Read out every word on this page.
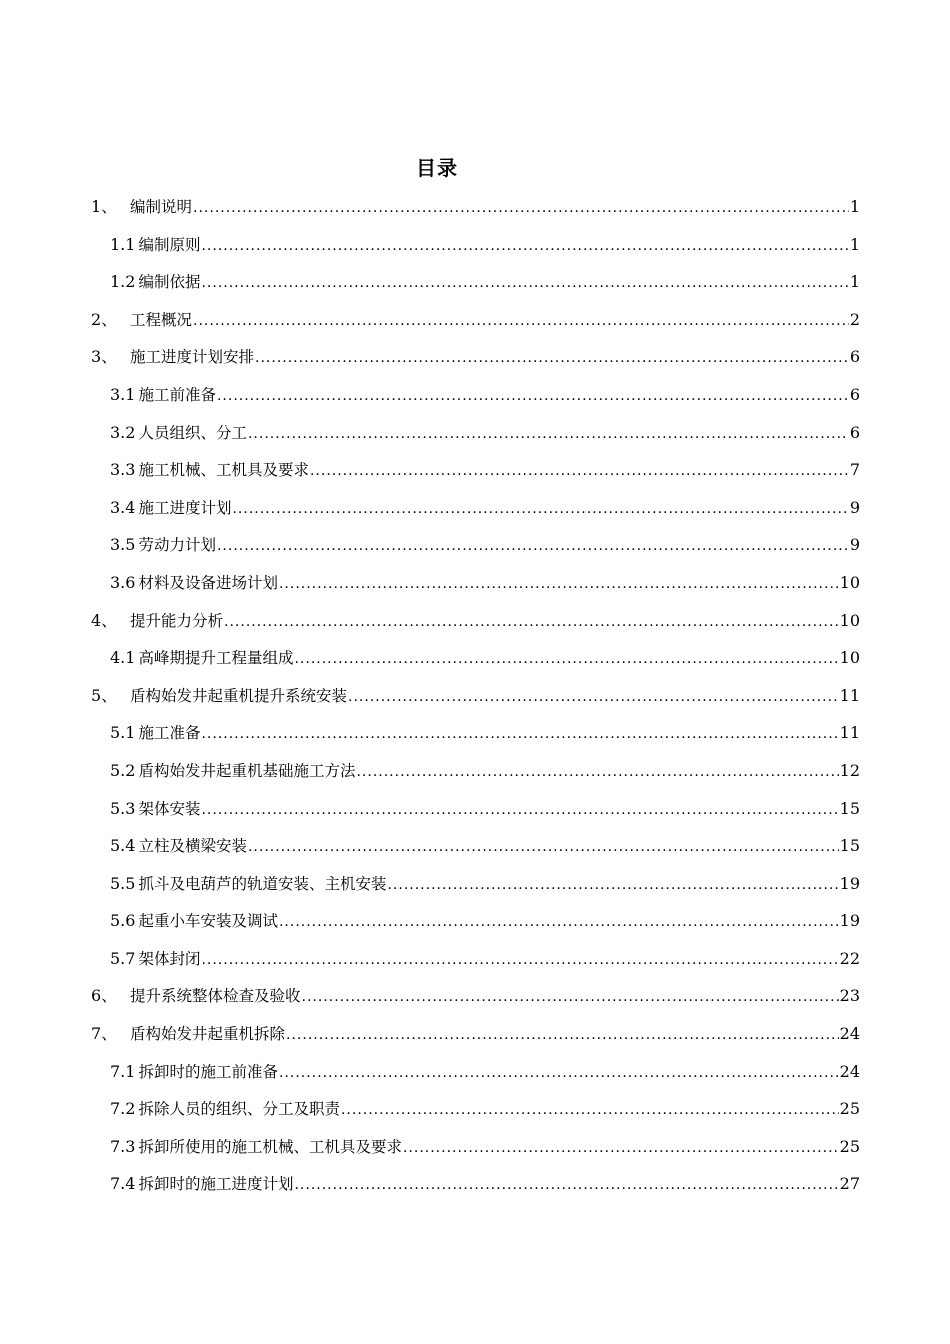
目录
1、 编制说明 .....	1
1.1 编制原则 .....	1
1.2 编制依据 .....	1
2、 工程概况 .....	2
3、 施工进度计划安排 .....	6
3.1 施工前准备 .....	6
3.2 人员组织、分工 .....	6
3.3 施工机械、工机具及要求 .....	7
3.4 施工进度计划 .....	9
3.5 劳动力计划 .....	9
3.6 材料及设备进场计划 .....	10
4、 提升能力分析 .....	10
4.1 高峰期提升工程量组成 .....	10
5、 盾构始发井起重机提升系统安装 .....	11
5.1 施工准备 .....	11
5.2 盾构始发井起重机基础施工方法 .....	12
5.3 架体安装 .....	15
5.4 立柱及横梁安装 .....	15
5.5 抓斗及电葫芦的轨道安装、主机安装 .....	19
5.6 起重小车安装及调试 .....	19
5.7 架体封闭 .....	22
6、 提升系统整体检查及验收 .....	23
7、 盾构始发井起重机拆除 .....	24
7.1 拆卸时的施工前准备 .....	24
7.2 拆除人员的组织、分工及职责 .....	25
7.3 拆卸所使用的施工机械、工机具及要求 .....	25
7.4 拆卸时的施工进度计划 .....	27
